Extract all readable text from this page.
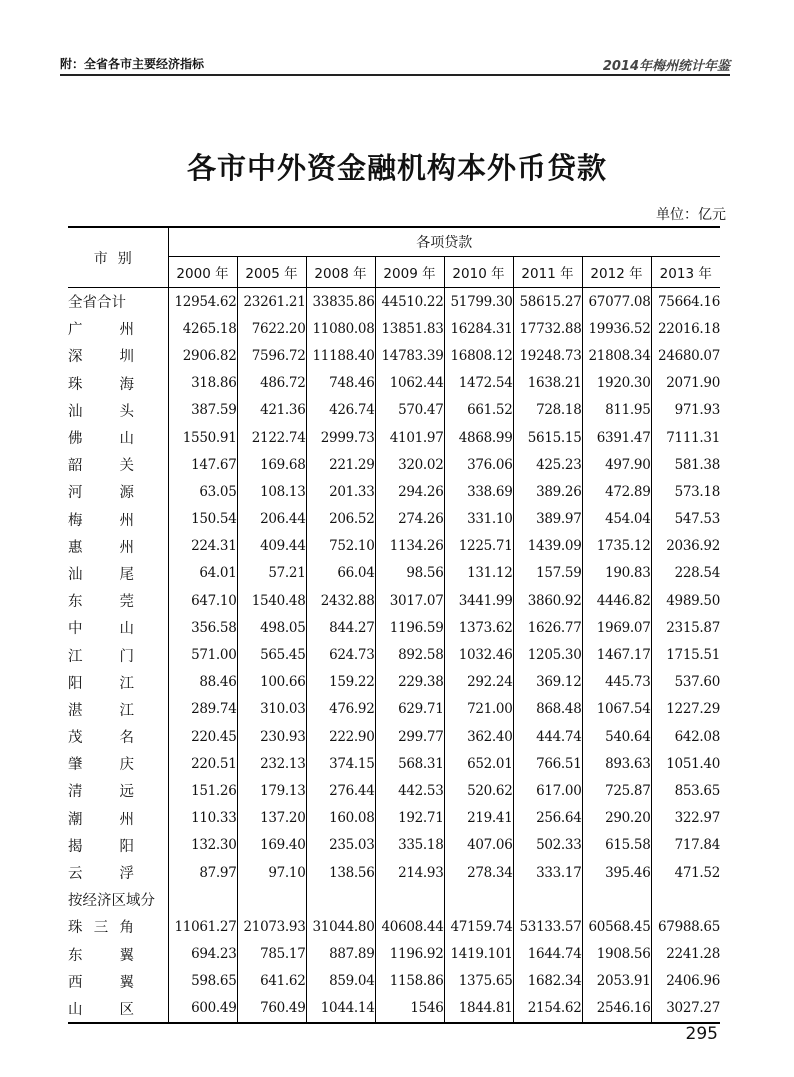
附：全省各市主要经济指标	2014年梅州统计年鉴
各市中外资金融机构本外币贷款
单位：亿元
市别	各项贷款							
	2000 年	2005 年	2008 年	2009 年	2010 年	2011 年	2012 年	2013 年
全省合计	12954.62	23261.21	33835.86	44510.22	51799.30	58615.27	67077.08	75664.16
广州	4265.18	7622.20	11080.08	13851.83	16284.31	17732.88	19936.52	22016.18
深圳	2906.82	7596.72	11188.40	14783.39	16808.12	19248.73	21808.34	24680.07
珠海	318.86	486.72	748.46	1062.44	1472.54	1638.21	1920.30	2071.90
汕头	387.59	421.36	426.74	570.47	661.52	728.18	811.95	971.93
佛山	1550.91	2122.74	2999.73	4101.97	4868.99	5615.15	6391.47	7111.31
韶关	147.67	169.68	221.29	320.02	376.06	425.23	497.90	581.38
河源	63.05	108.13	201.33	294.26	338.69	389.26	472.89	573.18
梅州	150.54	206.44	206.52	274.26	331.10	389.97	454.04	547.53
惠州	224.31	409.44	752.10	1134.26	1225.71	1439.09	1735.12	2036.92
汕尾	64.01	57.21	66.04	98.56	131.12	157.59	190.83	228.54
东莞	647.10	1540.48	2432.88	3017.07	3441.99	3860.92	4446.82	4989.50
中山	356.58	498.05	844.27	1196.59	1373.62	1626.77	1969.07	2315.87
江门	571.00	565.45	624.73	892.58	1032.46	1205.30	1467.17	1715.51
阳江	88.46	100.66	159.22	229.38	292.24	369.12	445.73	537.60
湛江	289.74	310.03	476.92	629.71	721.00	868.48	1067.54	1227.29
茂名	220.45	230.93	222.90	299.77	362.40	444.74	540.64	642.08
肇庆	220.51	232.13	374.15	568.31	652.01	766.51	893.63	1051.40
清远	151.26	179.13	276.44	442.53	520.62	617.00	725.87	853.65
潮州	110.33	137.20	160.08	192.71	219.41	256.64	290.20	322.97
揭阳	132.30	169.40	235.03	335.18	407.06	502.33	615.58	717.84
云浮	87.97	97.10	138.56	214.93	278.34	333.17	395.46	471.52
按经济区域分								
珠三角	11061.27	21073.93	31044.80	40608.44	47159.74	53133.57	60568.45	67988.65
东翼	694.23	785.17	887.89	1196.92	1419.101	1644.74	1908.56	2241.28
西翼	598.65	641.62	859.04	1158.86	1375.65	1682.34	2053.91	2406.96
山区	600.49	760.49	1044.14	1546	1844.81	2154.62	2546.16	3027.27
295
